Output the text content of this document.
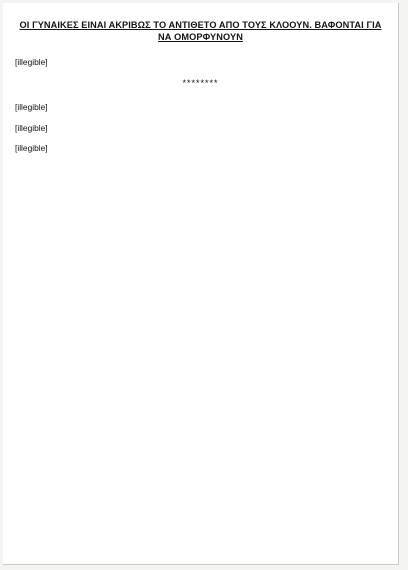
ΟΙ ΓΥΝΑΙΚΕΣ ΕΙΝΑΙ ΑΚΡΙΒΩΣ ΤΟ ΑΝΤΙΘΕΤΟ ΑΠΟ ΤΟΥΣ ΚΛΟΟΥΝ. ΒΑΦΟΝΤΑΙ ΓΙΑ ΝΑ ΟΜΟΡΦΥΝΟΥΝ

[illegible]

********

[illegible]

[illegible]

[illegible]
